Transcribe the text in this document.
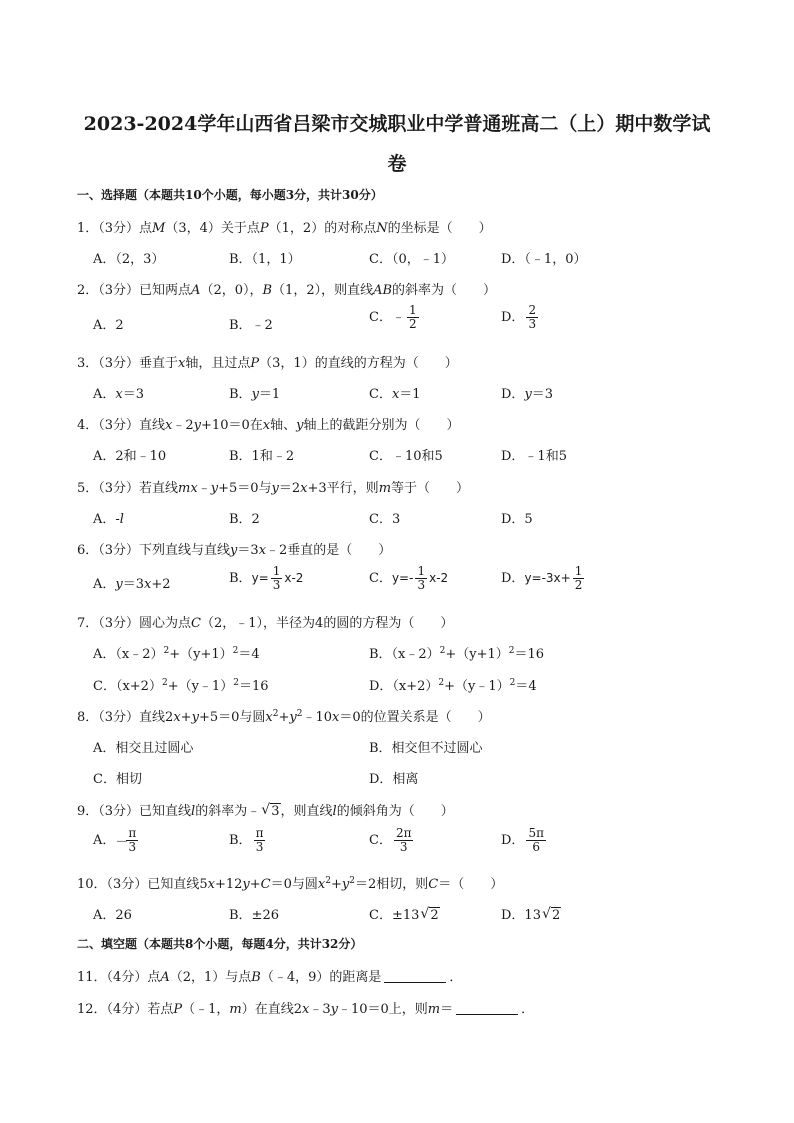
2023-2024学年山西省吕梁市交城职业中学普通班高二（上）期中数学试
卷
一、选择题（本题共10个小题，每小题3分，共计30分）
1．（3分）点M（3，4）关于点P（1，2）的对称点N的坐标是（　　）
A．（2，3）	B．（1，1）	C．（0，﹣1）	D．（﹣1，0）
2．（3分）已知两点A（2，0），B（1，2），则直线AB的斜率为（　　）
A．2	B．﹣2
C．﹣ $\frac{1}{2}$	D． $\frac{2}{3}$
3．（3分）垂直于x轴，且过点P（3，1）的直线的方程为（　　）
A．x＝3	B．y＝1	C．x＝1	D．y＝3
4．（3分）直线x﹣2y+10＝0在x轴、y轴上的截距分别为（　　）
A．2和﹣10	B．1和﹣2	C．﹣10和5	D．﹣1和5
5．（3分）若直线mx﹣y+5＝0与y＝2x+3平行，则m等于（　　）
A．-l	B．2	C．3	D．5
6．（3分）下列直线与直线y＝3x﹣2垂直的是（　　）
A．y＝3x+2	B．$y= \frac{1}{3} x-2$	C．$y=- \frac{1}{3} x-2$	D．$y=-3x+ \frac{1}{2}$
7．（3分）圆心为点C（2，﹣1），半径为4的圆的方程为（　　）
A．$(x﹣2)^2+(y+1)^2=4$	B．$(x﹣2)^2+(y+1)^2=16$
C．$(x+2)^2+(y﹣1)^2=16$	D．$(x+2)^2+(y﹣1)^2=4$
8．（3分）直线2x+y+5＝0与圆$x^2+y^2﹣10x=0$的位置关系是（　　）
A．相交且过圆心	B．相交但不过圆心
C．相切	D．相离
9．（3分）已知直线l的斜率为﹣ √ 3，则直线l的倾斜角为（　　）
A．－
$\frac{\pi}{3}$	B． $\frac{\pi}{3}$	C． $\frac{2\pi}{3}$	D． $\frac{5\pi}{6}$
10．（3分）已知直线5x+12y+C＝0与圆$x^2+y^2=2$相切，则C＝（　　）
A．26	B．±26	C．±13 √ 2	D．13 √ 2
二、填空题（本题共8个小题，每题4分，共计32分）
11．（4分）点A（2，1）与点B（﹣4，9）的距离是	．
12．（4分）若点P（﹣1，m）在直线2x﹣3y﹣10＝0上，则m＝	．
